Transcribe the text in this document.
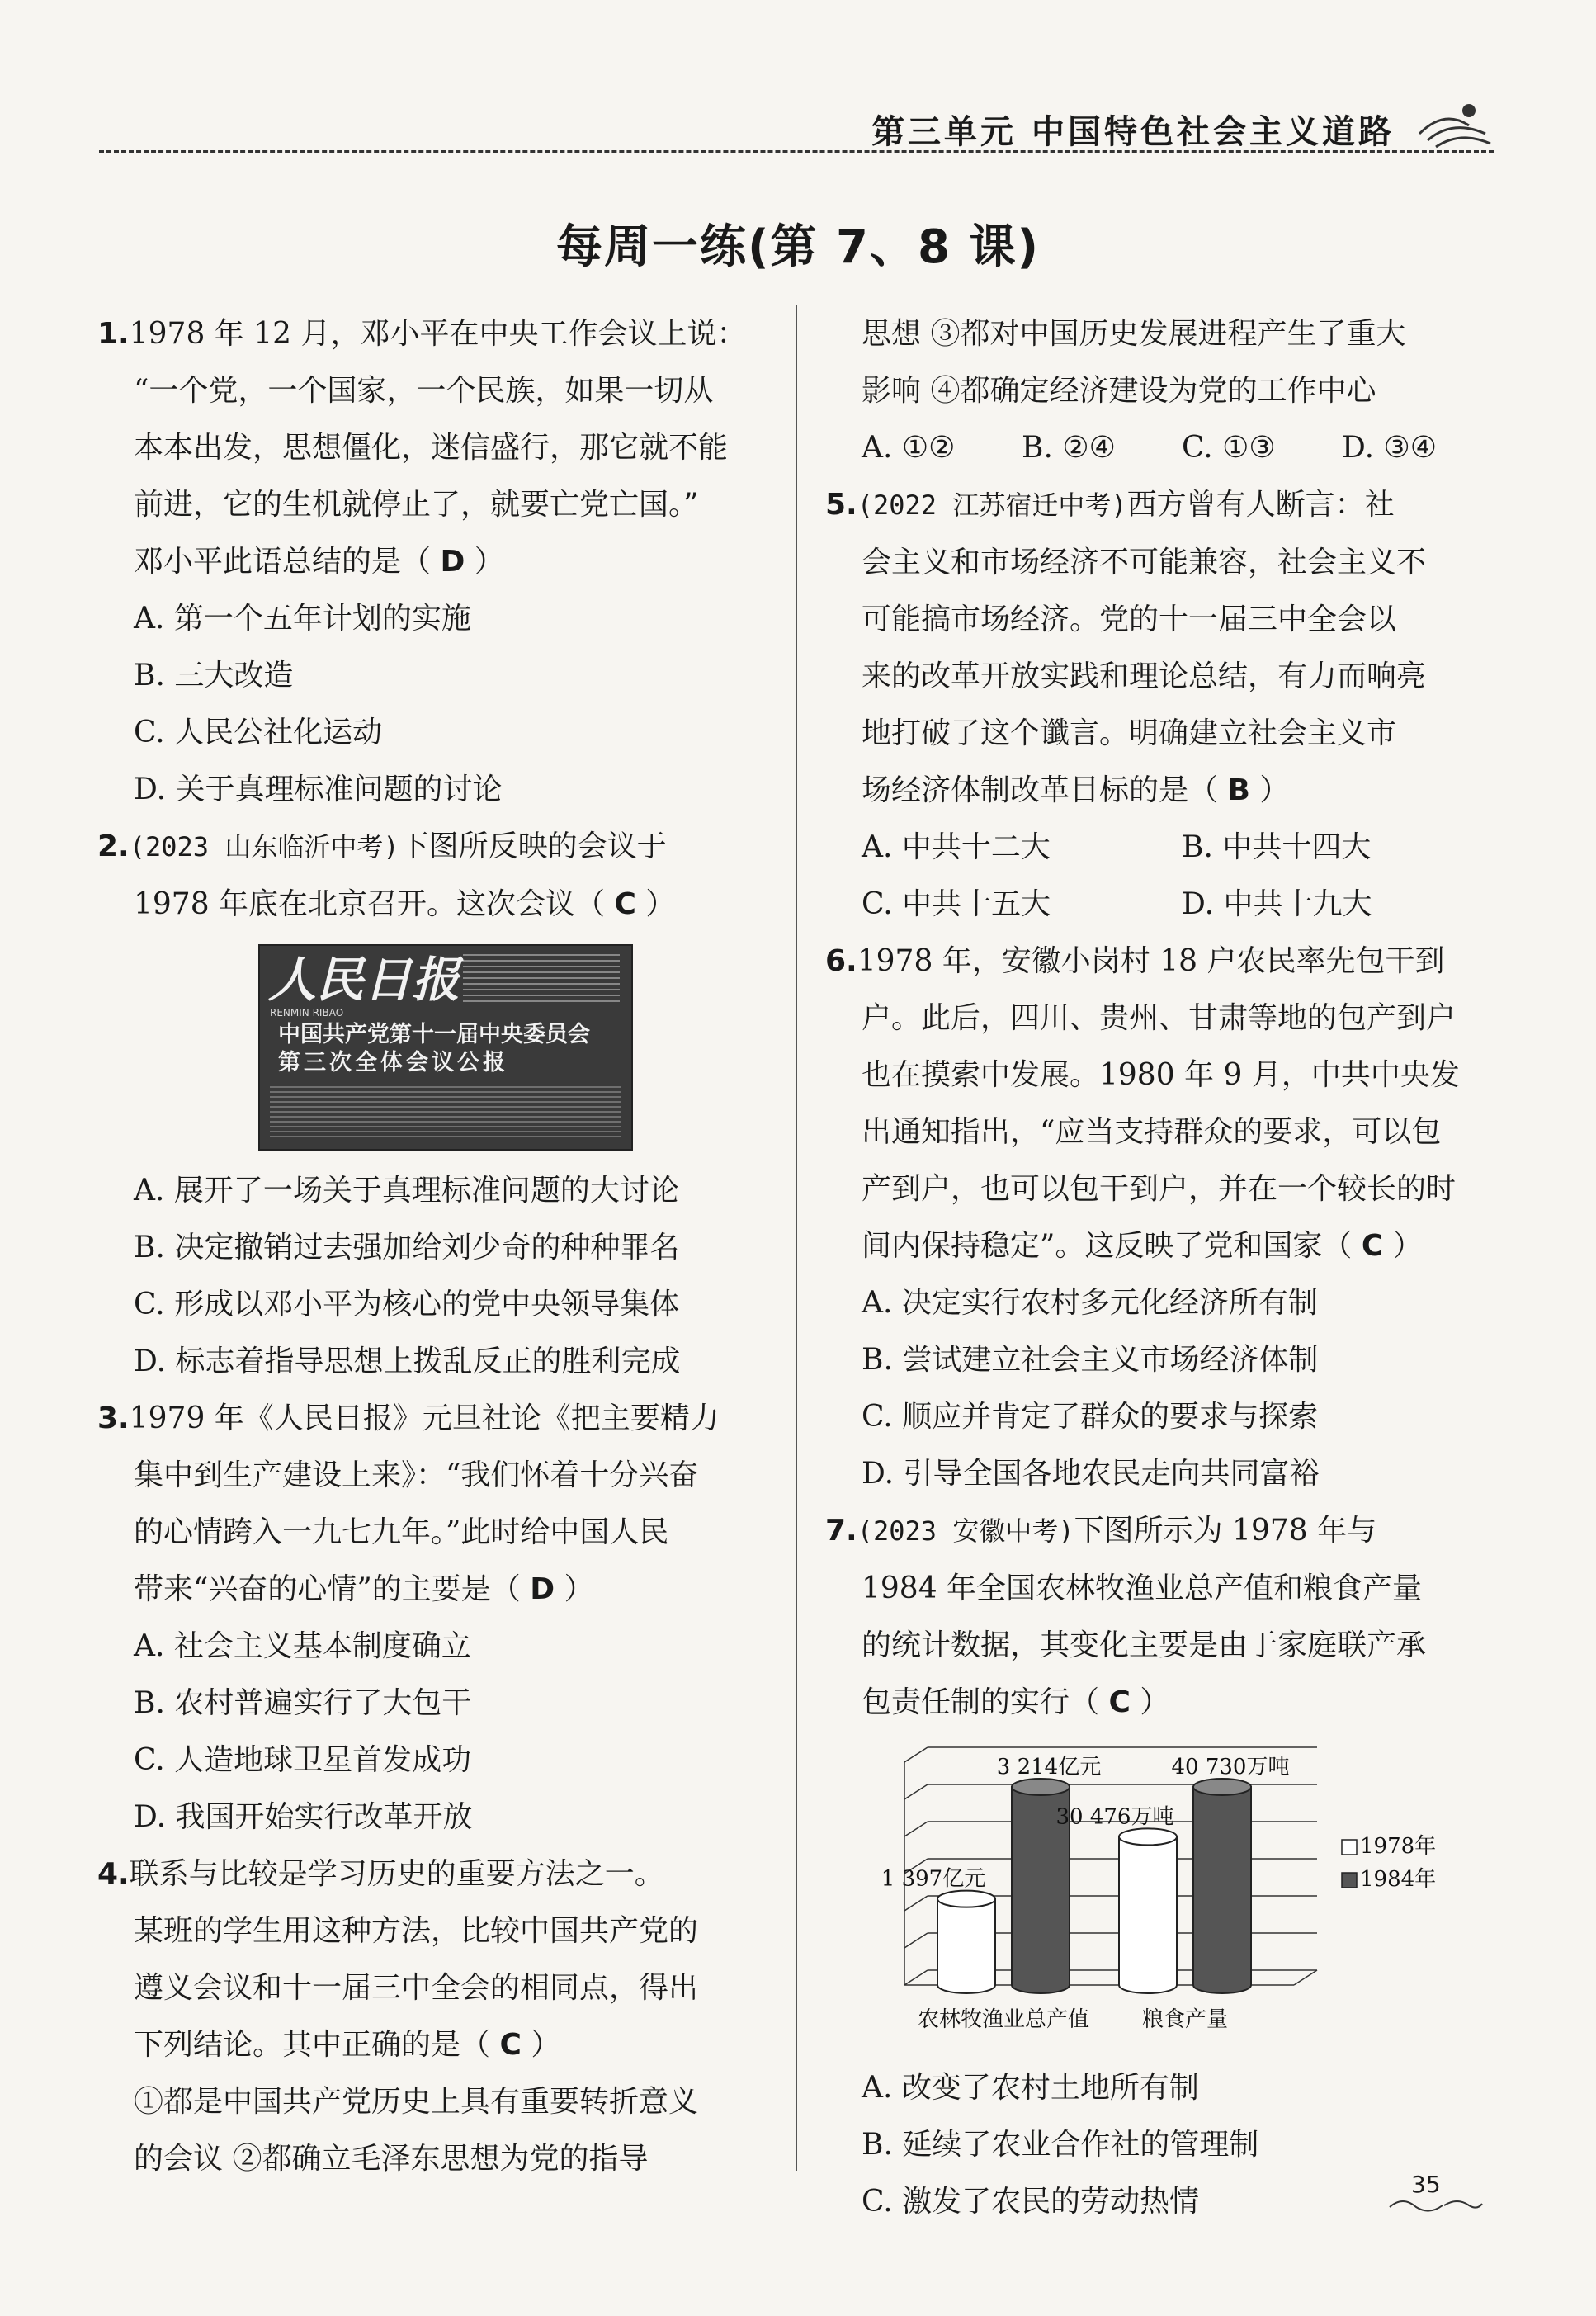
第三单元 中国特色社会主义道路
每周一练(第 7、8 课)
1.1978 年 12 月，邓小平在中央工作会议上说：
“一个党，一个国家，一个民族，如果一切从
本本出发，思想僵化，迷信盛行，那它就不能
前进，它的生机就停止了，就要亡党亡国。”
邓小平此语总结的是（ D ）
A. 第一个五年计划的实施
B. 三大改造
C. 人民公社化运动
D. 关于真理标准问题的讨论
2.(2023 山东临沂中考)下图所反映的会议于
1978 年底在北京召开。这次会议（ C ）
人民日报
RENMIN RIBAO
中国共产党第十一届中央委员会
第三次全体会议公报
A. 展开了一场关于真理标准问题的大讨论
B. 决定撤销过去强加给刘少奇的种种罪名
C. 形成以邓小平为核心的党中央领导集体
D. 标志着指导思想上拨乱反正的胜利完成
3.1979 年《人民日报》元旦社论《把主要精力
集中到生产建设上来》：“我们怀着十分兴奋
的心情跨入一九七九年。”此时给中国人民
带来“兴奋的心情”的主要是（ D ）
A. 社会主义基本制度确立
B. 农村普遍实行了大包干
C. 人造地球卫星首发成功
D. 我国开始实行改革开放
4.联系与比较是学习历史的重要方法之一。
某班的学生用这种方法，比较中国共产党的
遵义会议和十一届三中全会的相同点，得出
下列结论。其中正确的是（ C ）
①都是中国共产党历史上具有重要转折意义
的会议 ②都确立毛泽东思想为党的指导
思想 ③都对中国历史发展进程产生了重大
影响 ④都确定经济建设为党的工作中心
A. ①②	B. ②④	C. ①③	D. ③④
5.(2022 江苏宿迁中考)西方曾有人断言：社
会主义和市场经济不可能兼容，社会主义不
可能搞市场经济。党的十一届三中全会以
来的改革开放实践和理论总结，有力而响亮
地打破了这个谶言。明确建立社会主义市
场经济体制改革目标的是（ B ）
A. 中共十二大	B. 中共十四大
C. 中共十五大	D. 中共十九大
6.1978 年，安徽小岗村 18 户农民率先包干到
户。此后，四川、贵州、甘肃等地的包产到户
也在摸索中发展。1980 年 9 月，中共中央发
出通知指出，“应当支持群众的要求，可以包
产到户，也可以包干到户，并在一个较长的时
间内保持稳定”。这反映了党和国家（ C ）
A. 决定实行农村多元化经济所有制
B. 尝试建立社会主义市场经济体制
C. 顺应并肯定了群众的要求与探索
D. 引导全国各地农民走向共同富裕
7.(2023 安徽中考)下图所示为 1978 年与
1984 年全国农林牧渔业总产值和粮食产量
的统计数据，其变化主要是由于家庭联产承
包责任制的实行（ C ）
1 397亿元
3 214亿元
农林牧渔业总产值
30 476万吨
40 730万吨
粮食产量
1978年
1984年
A. 改变了农村土地所有制
B. 延续了农业合作社的管理制
C. 激发了农民的劳动热情
35
